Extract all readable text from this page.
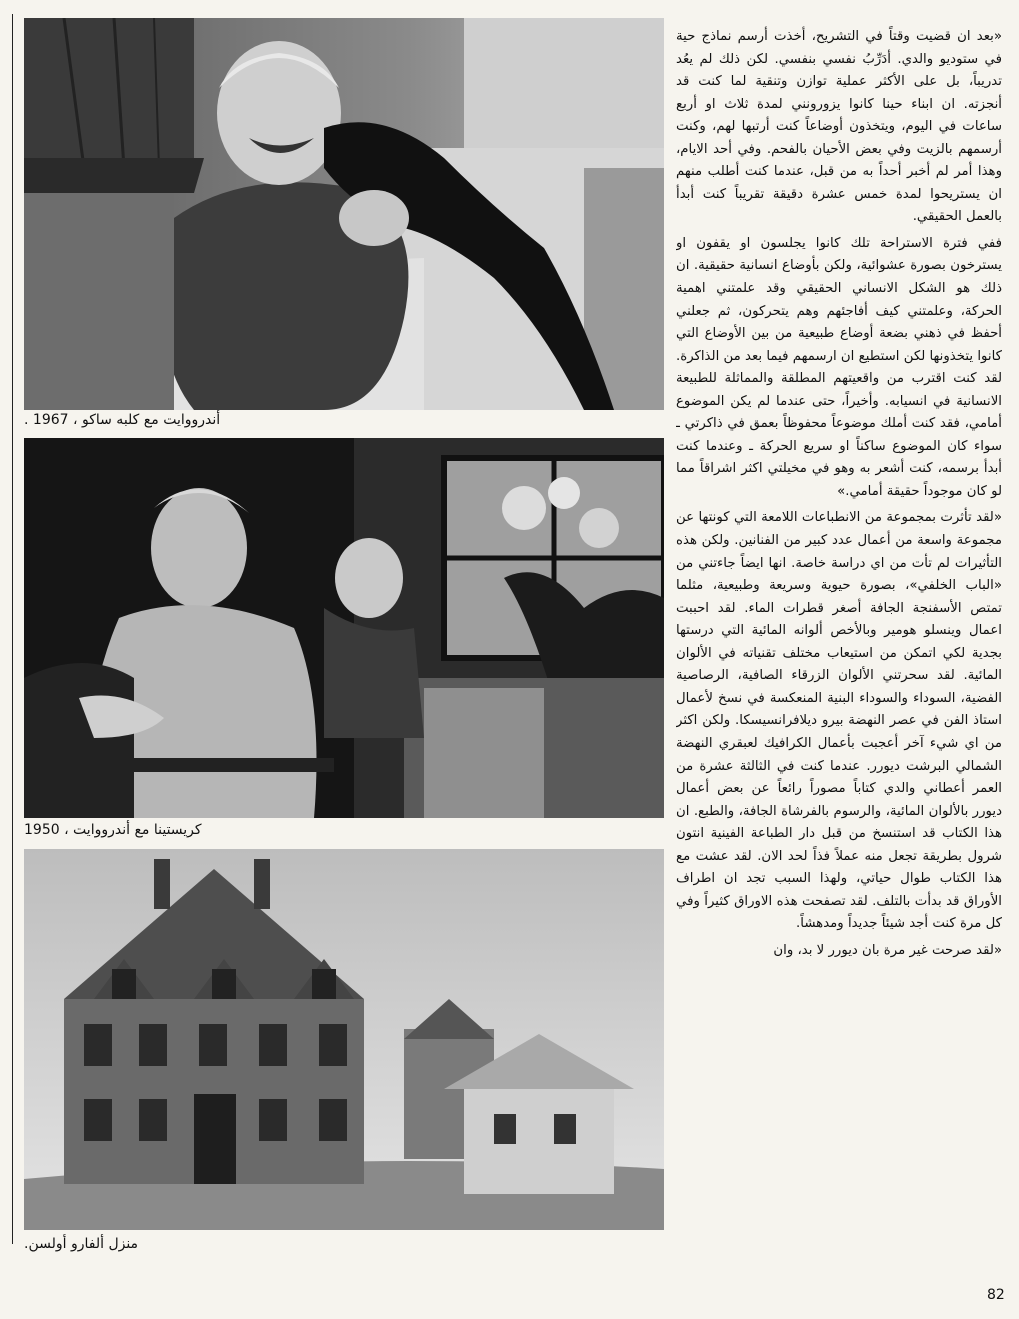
أندرووايت مع كلبه ساكو ، 1967 .
كريستينا مع أندرووايت ، 1950
منزل ألفارو أولسن.

«بعد ان قضيت وقتاً في التشريح، أخذت أرسم نماذج حية في ستوديو والدي. أدَرِّبُ نفسي بنفسي. لكن ذلك لم يعُد تدريباً، بل على الأكثر عملية توازن وتنقية لما كنت قد أنجزته. ان ابناء حينا كانوا يزورونني لمدة ثلاث او أربع ساعات في اليوم، ويتخذون أوضاعاً كنت أرتبها لهم، وكنت أرسمهم بالزيت وفي بعض الأحيان بالفحم. وفي أحد الايام، وهذا أمر لم أخبر أحداً به من قبل، عندما كنت أطلب منهم ان يستريحوا لمدة خمس عشرة دقيقة تقريباً كنت أبدأ بالعمل الحقيقي.

ففي فترة الاستراحة تلك كانوا يجلسون او يقفون او يسترخون بصورة عشوائية، ولكن بأوضاع انسانية حقيقية. ان ذلك هو الشكل الانساني الحقيقي وقد علمتني اهمية الحركة، وعلمتني كيف أفاجئهم وهم يتحركون، ثم جعلني أحفظ في ذهني بضعة أوضاع طبيعية من بين الأوضاع التي كانوا يتخذونها لكن استطيع ان ارسمهم فيما بعد من الذاكرة. لقد كنت اقترب من واقعيتهم المطلقة والمماثلة للطبيعة الانسانية في انسيابه. وأخيراً، حتى عندما لم يكن الموضوع أمامي، فقد كنت أملك موضوعاً محفوظاً بعمق في ذاكرتي ـ سواء كان الموضوع ساكناً او سريع الحركة ـ وعندما كنت أبدأ برسمه، كنت أشعر به وهو في مخيلتي اكثر اشراقاً مما لو كان موجوداً حقيقة أمامي.»

«لقد تأثرت بمجموعة من الانطباعات اللامعة التي كونتها عن مجموعة واسعة من أعمال عدد كبير من الفنانين. ولكن هذه التأثيرات لم تأت من اي دراسة خاصة. انها ايضاً جاءتني من «الباب الخلفي»، بصورة حيوية وسريعة وطبيعية، مثلما تمتص الأسفنجة الجافة أصغر قطرات الماء. لقد احببت اعمال وينسلو هومير وبالأخص ألوانه المائية التي درستها بجدية لكي اتمكن من استيعاب مختلف تقنياته في الألوان المائية. لقد سحرتني الألوان الزرقاء الصافية، الرصاصية الفضية، السوداء والسوداء البنية المنعكسة في نسخ لأعمال استاذ الفن في عصر النهضة بيرو ديلافرانسيسكا. ولكن اكثر من اي شيء آخر أعجبت بأعمال الكرافيك لعبقري النهضة الشمالي البرشت ديورر. عندما كنت في الثالثة عشرة من العمر أعطاني والدي كتاباً مصوراً رائعاً عن بعض أعمال ديورر بالألوان المائية، والرسوم بالفرشاة الجافة، والطبع. ان هذا الكتاب قد استنسخ من قبل دار الطباعة الفينية انتون شرول بطريقة تجعل منه عملاً فذاً لحد الان. لقد عشت مع هذا الكتاب طوال حياتي، ولهذا السبب تجد ان اطراف الأوراق قد بدأت بالتلف. لقد تصفحت هذه الاوراق كثيراً وفي كل مرة كنت أجد شيئاً جديداً ومدهشاً.

«لقد صرحت غير مرة بان ديورر لا بد، وان

82
